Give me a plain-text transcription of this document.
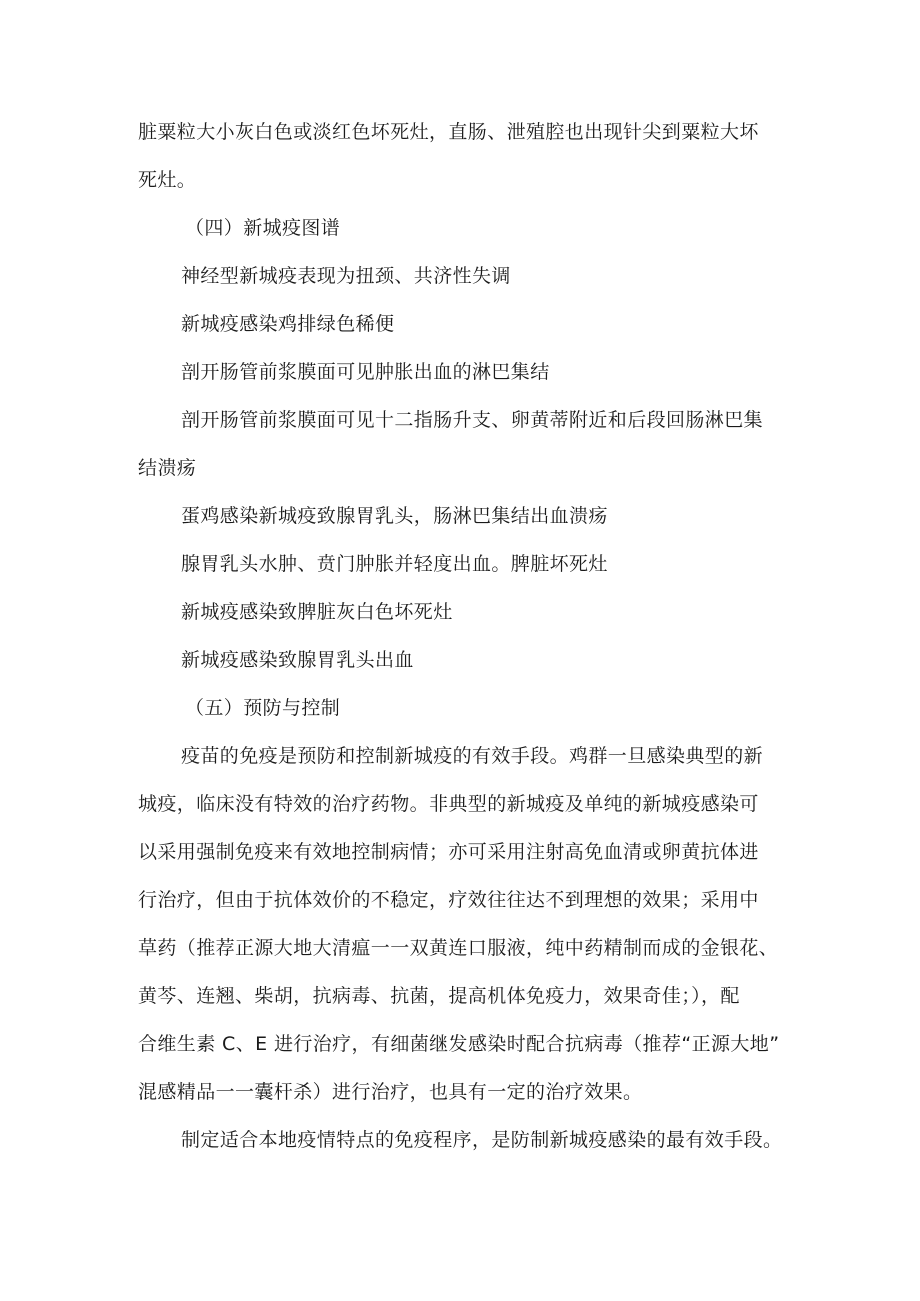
脏粟粒大小灰白色或淡红色坏死灶，直肠、泄殖腔也出现针尖到粟粒大坏
死灶。
（四）新城疫图谱
神经型新城疫表现为扭颈、共济性失调
新城疫感染鸡排绿色稀便
剖开肠管前浆膜面可见肿胀出血的淋巴集结
剖开肠管前浆膜面可见十二指肠升支、卵黄蒂附近和后段回肠淋巴集
结溃疡
蛋鸡感染新城疫致腺胃乳头，肠淋巴集结出血溃疡
腺胃乳头水肿、贲门肿胀并轻度出血。脾脏坏死灶
新城疫感染致脾脏灰白色坏死灶
新城疫感染致腺胃乳头出血
（五）预防与控制
疫苗的免疫是预防和控制新城疫的有效手段。鸡群一旦感染典型的新
城疫，临床没有特效的治疗药物。非典型的新城疫及单纯的新城疫感染可
以采用强制免疫来有效地控制病情；亦可采用注射高免血清或卵黄抗体进
行治疗，但由于抗体效价的不稳定，疗效往往达不到理想的效果；采用中
草药（推荐正源大地大清瘟一一双黄连口服液，纯中药精制而成的金银花、
黄芩、连翘、柴胡，抗病毒、抗菌，提高机体免疫力，效果奇佳；），配
合维生素 C、E 进行治疗，有细菌继发感染时配合抗病毒（推荐“正源大地”
混感精品一一囊杆杀）进行治疗，也具有一定的治疗效果。
制定适合本地疫情特点的免疫程序，是防制新城疫感染的最有效手段。
